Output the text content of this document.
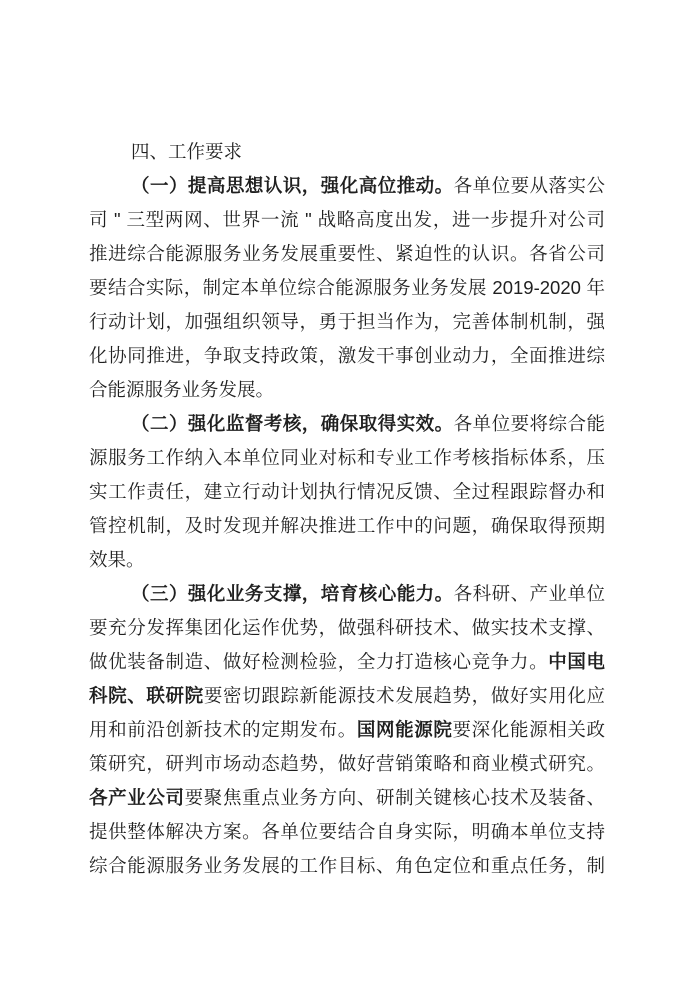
四、工作要求
（一）提高思想认识，强化高位推动。各单位要从落实公
司 " 三型两网、世界一流 " 战略高度出发，进一步提升对公司
推进综合能源服务业务发展重要性、紧迫性的认识。各省公司
要结合实际，制定本单位综合能源服务业务发展 2019-2020 年
行动计划，加强组织领导，勇于担当作为，完善体制机制，强
化协同推进，争取支持政策，激发干事创业动力，全面推进综
合能源服务业务发展。
（二）强化监督考核，确保取得实效。各单位要将综合能
源服务工作纳入本单位同业对标和专业工作考核指标体系，压
实工作责任，建立行动计划执行情况反馈、全过程跟踪督办和
管控机制，及时发现并解决推进工作中的问题，确保取得预期
效果。
（三）强化业务支撑，培育核心能力。各科研、产业单位
要充分发挥集团化运作优势，做强科研技术、做实技术支撑、
做优装备制造、做好检测检验，全力打造核心竞争力。中国电
科院、联研院要密切跟踪新能源技术发展趋势，做好实用化应
用和前沿创新技术的定期发布。国网能源院要深化能源相关政
策研究，研判市场动态趋势，做好营销策略和商业模式研究。
各产业公司要聚焦重点业务方向、研制关键核心技术及装备、
提供整体解决方案。各单位要结合自身实际，明确本单位支持
综合能源服务业务发展的工作目标、角色定位和重点任务，制
